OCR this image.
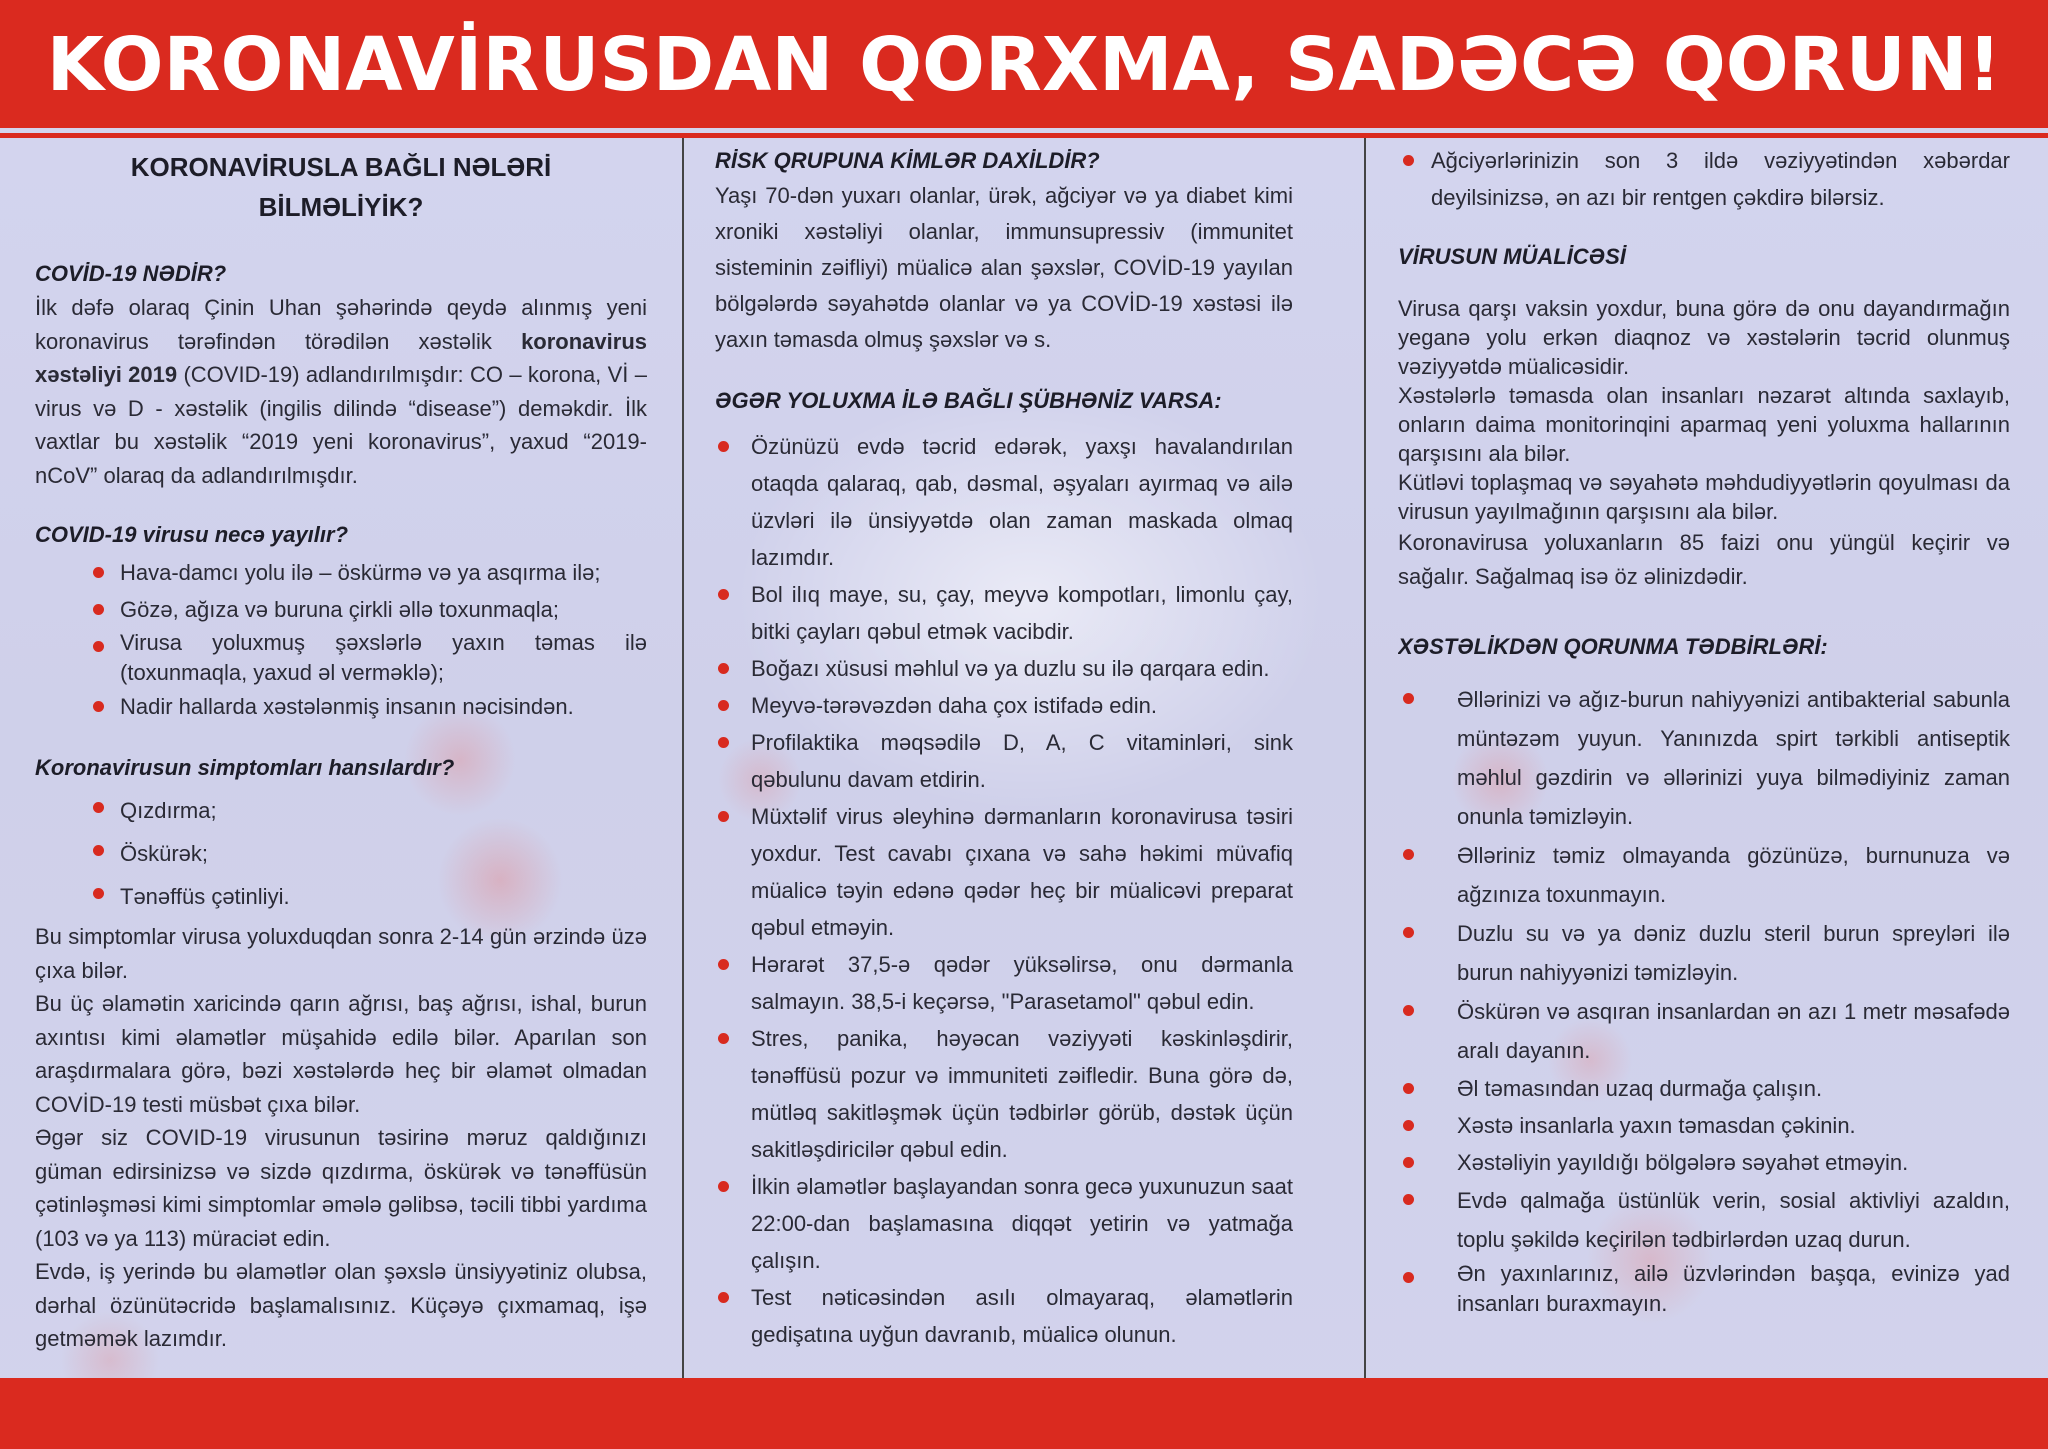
KORONAVİRUSDAN QORXMA, SADƏCƏ QORUN!
KORONAVİRUSLA BAĞLI NƏLƏRİ
BİLMƏLİYİK?
COVİD-19 NƏDİR?

İlk dəfə olaraq Çinin Uhan şəhərində qeydə alınmış yeni koronavirus tərəfindən törədilən xəstəlik koronavirus xəstəliyi 2019 (COVID-19) adlandırılmışdır: CO – korona, Vİ – virus və D - xəstəlik (ingilis dilində “disease”) deməkdir. İlk vaxtlar bu xəstəlik “2019 yeni koronavirus”, yaxud “2019-nCoV” olaraq da adlandırılmışdır.

COVID-19 virusu necə yayılır?
Hava-damcı yolu ilə – öskürmə və ya asqırma ilə;
Gözə, ağıza və buruna çirkli əllə toxunmaqla;
Virusa yoluxmuş şəxslərlə yaxın təmas ilə (toxunmaqla, yaxud əl verməklə);
Nadir hallarda xəstələnmiş insanın nəcisindən.
Koronavirusun simptomları hansılardır?
Qızdırma;
Öskürək;
Tənəffüs çətinliyi.

Bu simptomlar virusa yoluxduqdan sonra 2-14 gün ərzində üzə çıxa bilər.

Bu üç əlamətin xaricində qarın ağrısı, baş ağrısı, ishal, burun axıntısı kimi əlamətlər müşahidə edilə bilər. Aparılan son araşdırmalara görə, bəzi xəstələrdə heç bir əlamət olmadan COVİD-19 testi müsbət çıxa bilər.

Əgər siz COVID-19 virusunun təsirinə məruz qaldığınızı güman edirsinizsə və sizdə qızdırma, öskürək və tənəffüsün çətinləşməsi kimi simptomlar əmələ gəlibsə, təcili tibbi yardıma (103 və ya 113) müraciət edin.

Evdə, iş yerində bu əlamətlər olan şəxslə ünsiyyətiniz olubsa, dərhal özünütəcridə başlamalısınız. Küçəyə çıxmamaq, işə getməmək lazımdır.

RİSK QRUPUNA KİMLƏR DAXİLDİR?

Yaşı 70-dən yuxarı olanlar, ürək, ağciyər və ya diabet kimi xroniki xəstəliyi olanlar, immunsupressiv (immunitet sisteminin zəifliyi) müalicə alan şəxslər, COVİD-19 yayılan bölgələrdə səyahətdə olanlar və ya COVİD-19 xəstəsi ilə yaxın təmasda olmuş şəxslər və s.

ƏGƏR YOLUXMA İLƏ BAĞLI ŞÜBHƏNİZ VARSA:
Özünüzü evdə təcrid edərək, yaxşı havalandırılan otaqda qalaraq, qab, dəsmal, əşyaları ayırmaq və ailə üzvləri ilə ünsiyyətdə olan zaman maskada olmaq lazımdır.
Bol ilıq maye, su, çay, meyvə kompotları, limonlu çay, bitki çayları qəbul etmək vacibdir.
Boğazı xüsusi məhlul və ya duzlu su ilə qarqara edin.
Meyvə-tərəvəzdən daha çox istifadə edin.
Profilaktika məqsədilə D, A, C vitaminləri, sink qəbulunu davam etdirin.
Müxtəlif virus əleyhinə dərmanların koronavirusa təsiri yoxdur. Test cavabı çıxana və sahə həkimi müvafiq müalicə təyin edənə qədər heç bir müalicəvi preparat qəbul etməyin.
Hərarət 37,5-ə qədər yüksəlirsə, onu dərmanla salmayın. 38,5-i keçərsə, "Parasetamol" qəbul edin.
Stres, panika, həyəcan vəziyyəti kəskinləşdirir, tənəffüsü pozur və immuniteti zəifledir. Buna görə də, mütləq sakitləşmək üçün tədbirlər görüb, dəstək üçün sakitləşdiricilər qəbul edin.
İlkin əlamətlər başlayandan sonra gecə yuxunuzun saat 22:00-dan başlamasına diqqət yetirin və yatmağa çalışın.
Test nəticəsindən asılı olmayaraq, əlamətlərin gedişatına uyğun davranıb, müalicə olunun.
Ağciyərlərinizin son 3 ildə vəziyyətindən xəbərdar deyilsinizsə, ən azı bir rentgen çəkdirə bilərsiz.
VİRUSUN MÜALİCƏSİ

Virusa qarşı vaksin yoxdur, buna görə də onu dayandırmağın yeganə yolu erkən diaqnoz və xəstələrin təcrid olunmuş vəziyyətdə müalicəsidir.

Xəstələrlə təmasda olan insanları nəzarət altında saxlayıb, onların daima monitorinqini aparmaq yeni yoluxma hallarının qarşısını ala bilər.

Kütləvi toplaşmaq və səyahətə məhdudiyyətlərin qoyulması da virusun yayılmağının qarşısını ala bilər.

Koronavirusa yoluxanların 85 faizi onu yüngül keçirir və sağalır. Sağalmaq isə öz əlinizdədir.

XƏSTƏLİKDƏN QORUNMA TƏDBİRLƏRİ:
Əllərinizi və ağız-burun nahiyyənizi antibakterial sabunla müntəzəm yuyun. Yanınızda spirt tərkibli antiseptik məhlul gəzdirin və əllərinizi yuya bilmədiyiniz zaman onunla təmizləyin.
Əlləriniz təmiz olmayanda gözünüzə, burnunuza və ağzınıza toxunmayın.
Duzlu su və ya dəniz duzlu steril burun spreyləri ilə burun nahiyyənizi təmizləyin.
Öskürən və asqıran insanlardan ən azı 1 metr məsafədə aralı dayanın.
Əl təmasından uzaq durmağa çalışın.
Xəstə insanlarla yaxın təmasdan çəkinin.
Xəstəliyin yayıldığı bölgələrə səyahət etməyin.
Evdə qalmağa üstünlük verin, sosial aktivliyi azaldın, toplu şəkildə keçirilən tədbirlərdən uzaq durun.
Ən yaxınlarınız, ailə üzvlərindən başqa, evinizə yad insanları buraxmayın.
